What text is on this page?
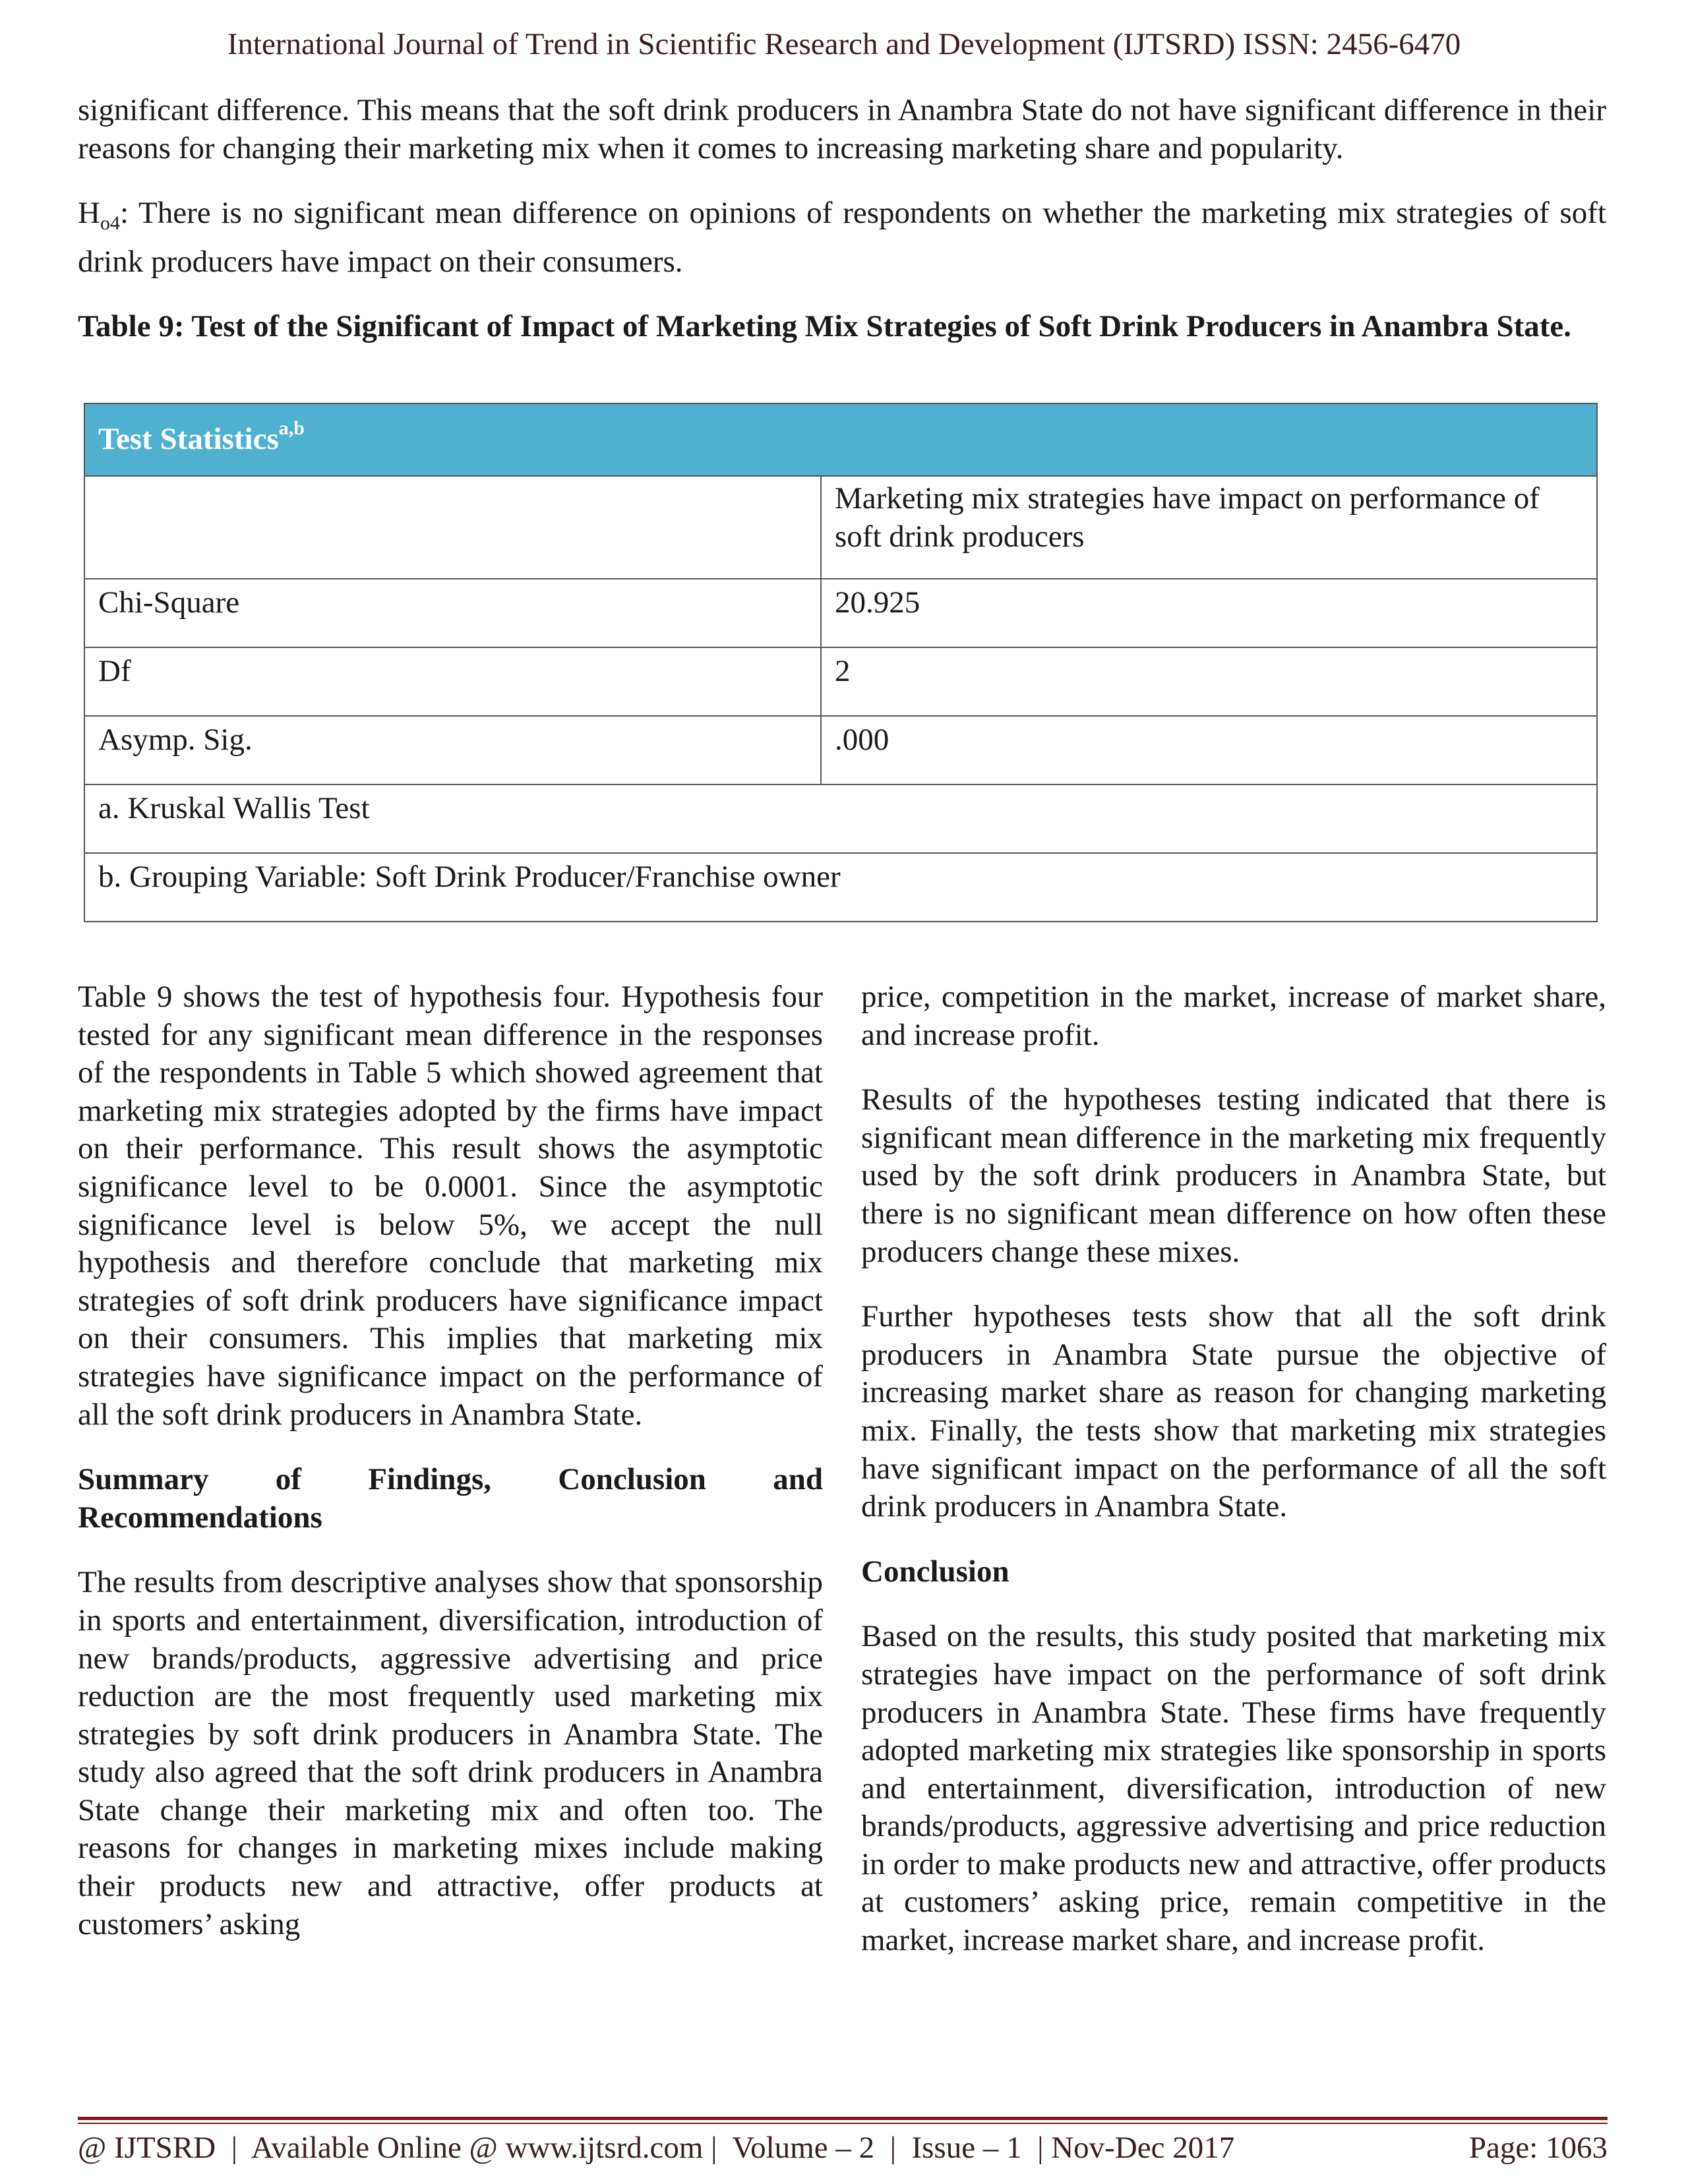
International Journal of Trend in Scientific Research and Development (IJTSRD) ISSN: 2456-6470

significant difference. This means that the soft drink producers in Anambra State do not have significant difference in their reasons for changing their marketing mix when it comes to increasing marketing share and popularity.

$H_{o4}$: There is no significant mean difference on opinions of respondents on whether the marketing mix strategies of soft drink producers have impact on their consumers.

Table 9: Test of the Significant of Impact of Marketing Mix Strategies of Soft Drink Producers in Anambra State.

Test Statistics$^{a,b}$
	Marketing mix strategies have impact on performance of soft drink producers
Chi-Square	20.925
Df	2
Asymp. Sig.	.000
a. Kruskal Wallis Test	
b. Grouping Variable: Soft Drink Producer/Franchise owner	

Table 9 shows the test of hypothesis four. Hypothesis four tested for any significant mean difference in the responses of the respondents in Table 5 which showed agreement that marketing mix strategies adopted by the firms have impact on their performance. This result shows the asymptotic significance level to be 0.0001. Since the asymptotic significance level is below 5%, we accept the null hypothesis and therefore conclude that marketing mix strategies of soft drink producers have significance impact on their consumers. This implies that marketing mix strategies have significance impact on the performance of all the soft drink producers in Anambra State.

Summary of Findings, Conclusion and

Recommendations

The results from descriptive analyses show that sponsorship in sports and entertainment, diversification, introduction of new brands/products, aggressive advertising and price reduction are the most frequently used marketing mix strategies by soft drink producers in Anambra State. The study also agreed that the soft drink producers in Anambra State change their marketing mix and often too. The reasons for changes in marketing mixes include making their products new and attractive, offer products at customers’ asking

price, competition in the market, increase of market share, and increase profit.

Results of the hypotheses testing indicated that there is significant mean difference in the marketing mix frequently used by the soft drink producers in Anambra State, but there is no significant mean difference on how often these producers change these mixes.

Further hypotheses tests show that all the soft drink producers in Anambra State pursue the objective of increasing market share as reason for changing marketing mix. Finally, the tests show that marketing mix strategies have significant impact on the performance of all the soft drink producers in Anambra State.

Conclusion

Based on the results, this study posited that marketing mix strategies have impact on the performance of soft drink producers in Anambra State. These firms have frequently adopted marketing mix strategies like sponsorship in sports and entertainment, diversification, introduction of new brands/products, aggressive advertising and price reduction in order to make products new and attractive, offer products at customers’ asking price, remain competitive in the market, increase market share, and increase profit.

@ IJTSRD  |  Available Online @ www.ijtsrd.com |  Volume – 2  |  Issue – 1  | Nov-Dec 2017	Page: 1063
